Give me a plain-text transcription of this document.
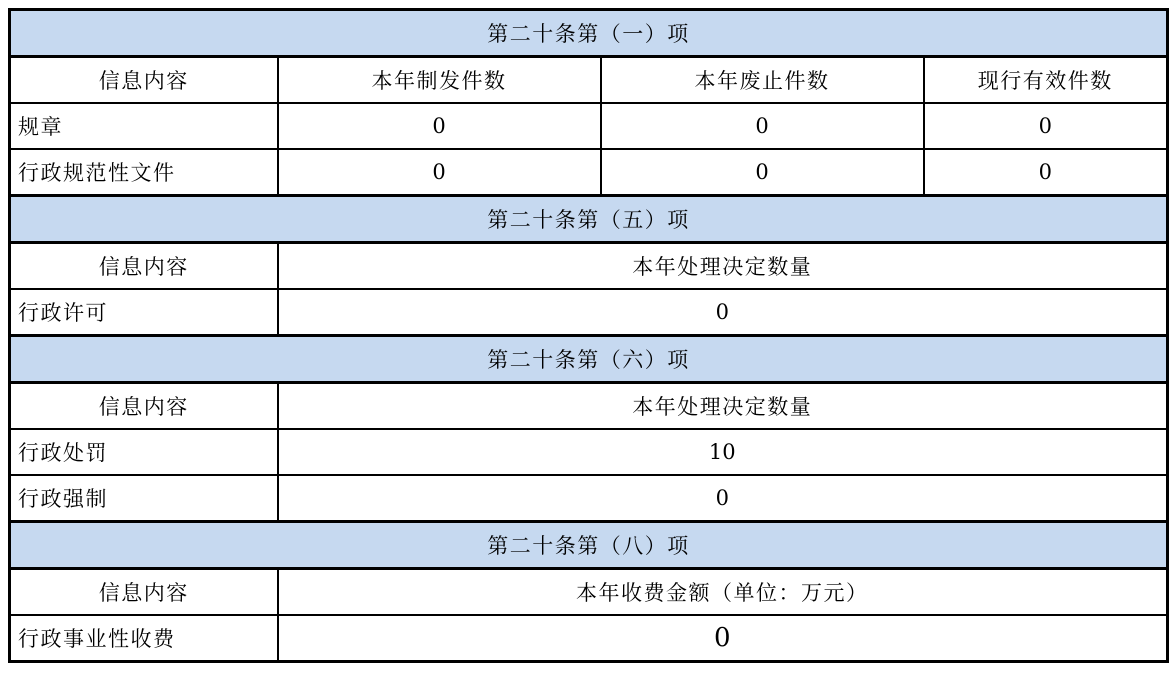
第二十条第（一）项			
信息内容	本年制发件数	本年废止件数	现行有效件数
规章	0	0	0
行政规范性文件	0	0	0
第二十条第（五）项			
信息内容	本年处理决定数量		
行政许可	0		
第二十条第（六）项			
信息内容	本年处理决定数量		
行政处罚	10		
行政强制	0		
第二十条第（八）项			
信息内容	本年收费金额（单位：万元）		
行政事业性收费	0		
